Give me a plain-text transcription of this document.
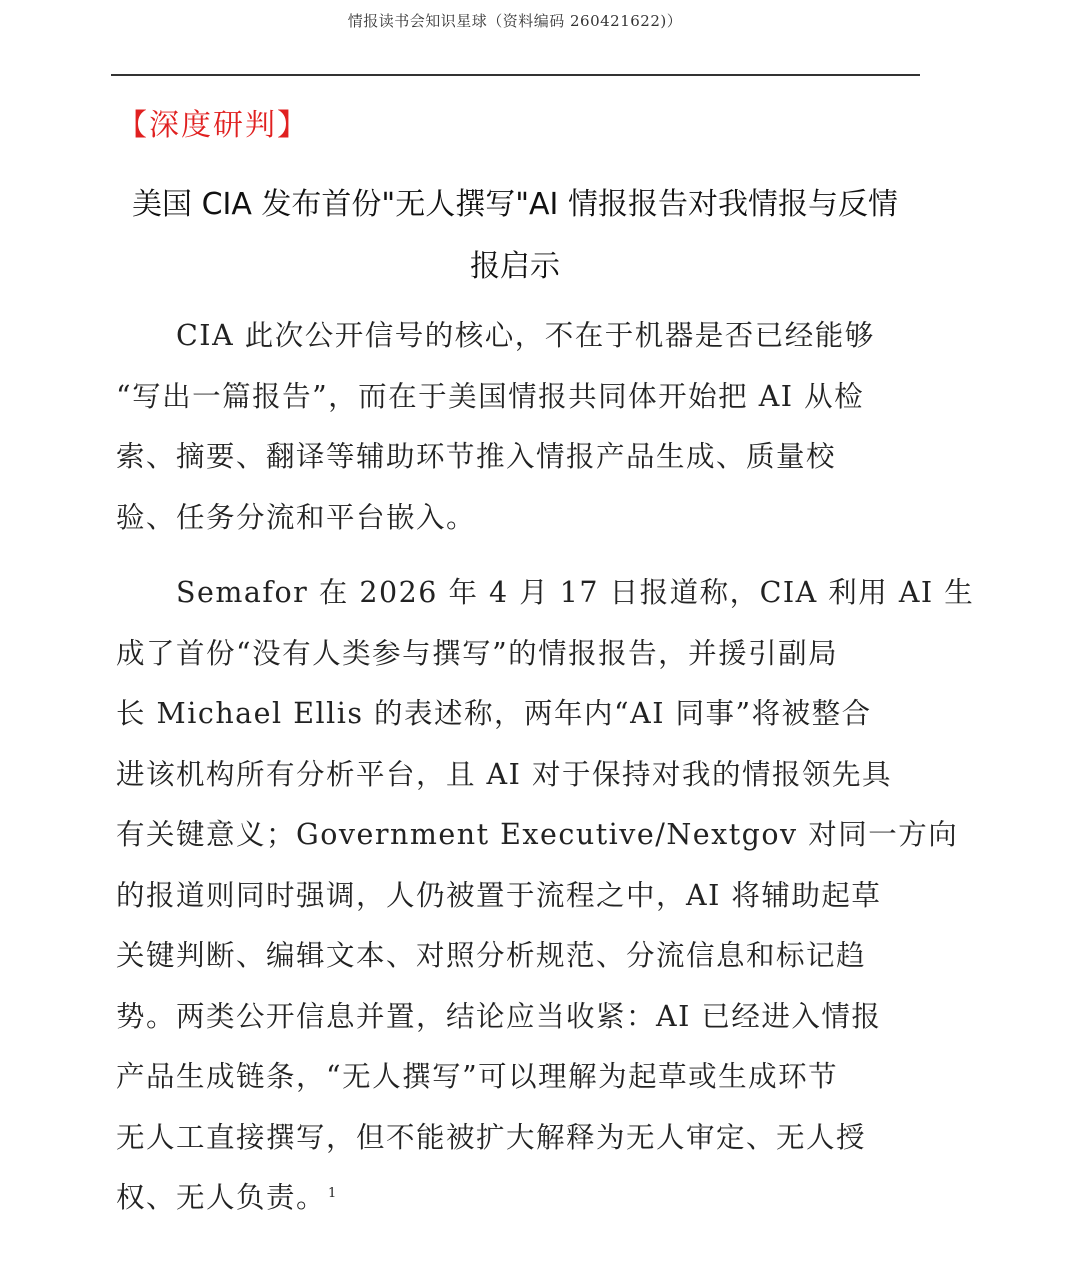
情报读书会知识星球（资料编码 260421622)）
【深度研判】
美国 CIA 发布首份"无人撰写"AI 情报报告对我情报与反情
报启示
CIA 此次公开信号的核心，不在于机器是否已经能够
“写出一篇报告”，而在于美国情报共同体开始把 AI 从检
索、摘要、翻译等辅助环节推入情报产品生成、质量校
验、任务分流和平台嵌入。
Semafor 在 2026 年 4 月 17 日报道称，CIA 利用 AI 生
成了首份“没有人类参与撰写”的情报报告，并援引副局
长 Michael Ellis 的表述称，两年内“AI 同事”将被整合
进该机构所有分析平台，且 AI 对于保持对我的情报领先具
有关键意义；Government Executive/Nextgov 对同一方向
的报道则同时强调，人仍被置于流程之中，AI 将辅助起草
关键判断、编辑文本、对照分析规范、分流信息和标记趋
势。两类公开信息并置，结论应当收紧：AI 已经进入情报
产品生成链条，“无人撰写”可以理解为起草或生成环节
无人工直接撰写，但不能被扩大解释为无人审定、无人授
权、无人负责。 $^1$
